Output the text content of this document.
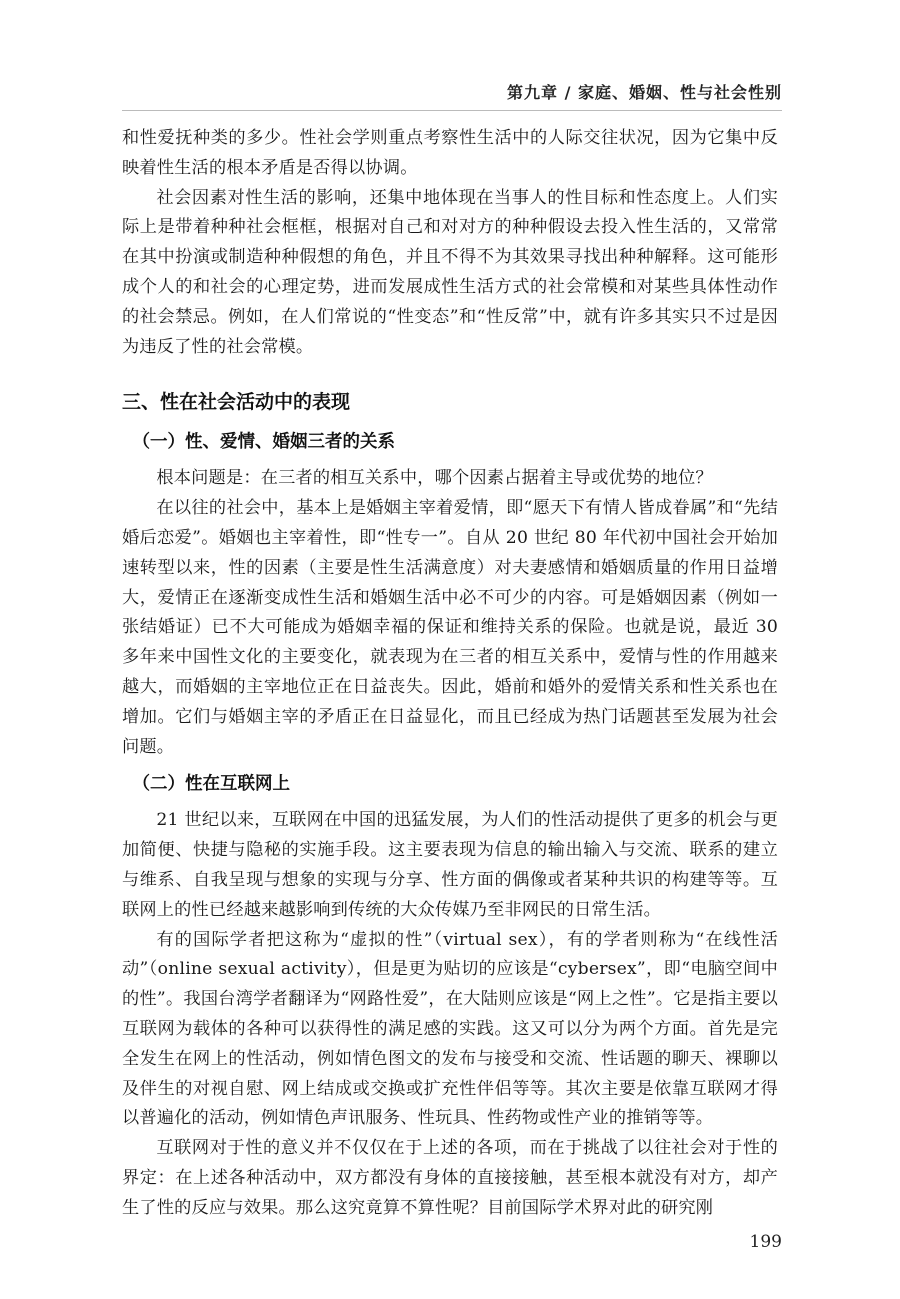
第九章 / 家庭、婚姻、性与社会性别

和性爱抚种类的多少。性社会学则重点考察性生活中的人际交往状况，因为它集中反映着性生活的根本矛盾是否得以协调。

社会因素对性生活的影响，还集中地体现在当事人的性目标和性态度上。人们实际上是带着种种社会框框，根据对自己和对对方的种种假设去投入性生活的，又常常在其中扮演或制造种种假想的角色，并且不得不为其效果寻找出种种解释。这可能形成个人的和社会的心理定势，进而发展成性生活方式的社会常模和对某些具体性动作的社会禁忌。例如，在人们常说的“性变态”和“性反常”中，就有许多其实只不过是因为违反了性的社会常模。

三、性在社会活动中的表现
（一）性、爱情、婚姻三者的关系

根本问题是：在三者的相互关系中，哪个因素占据着主导或优势的地位？

在以往的社会中，基本上是婚姻主宰着爱情，即“愿天下有情人皆成眷属”和“先结婚后恋爱”。婚姻也主宰着性，即“性专一”。自从 20 世纪 80 年代初中国社会开始加速转型以来，性的因素（主要是性生活满意度）对夫妻感情和婚姻质量的作用日益增大，爱情正在逐渐变成性生活和婚姻生活中必不可少的内容。可是婚姻因素（例如一张结婚证）已不大可能成为婚姻幸福的保证和维持关系的保险。也就是说，最近 30 多年来中国性文化的主要变化，就表现为在三者的相互关系中，爱情与性的作用越来越大，而婚姻的主宰地位正在日益丧失。因此，婚前和婚外的爱情关系和性关系也在增加。它们与婚姻主宰的矛盾正在日益显化，而且已经成为热门话题甚至发展为社会问题。

（二）性在互联网上

21 世纪以来，互联网在中国的迅猛发展，为人们的性活动提供了更多的机会与更加简便、快捷与隐秘的实施手段。这主要表现为信息的输出输入与交流、联系的建立与维系、自我呈现与想象的实现与分享、性方面的偶像或者某种共识的构建等等。互联网上的性已经越来越影响到传统的大众传媒乃至非网民的日常生活。

有的国际学者把这称为“虚拟的性”（virtual sex），有的学者则称为“在线性活动”（online sexual activity），但是更为贴切的应该是“cybersex”，即“电脑空间中的性”。我国台湾学者翻译为“网路性爱”，在大陆则应该是“网上之性”。它是指主要以互联网为载体的各种可以获得性的满足感的实践。这又可以分为两个方面。首先是完全发生在网上的性活动，例如情色图文的发布与接受和交流、性话题的聊天、裸聊以及伴生的对视自慰、网上结成或交换或扩充性伴侣等等。其次主要是依靠互联网才得以普遍化的活动，例如情色声讯服务、性玩具、性药物或性产业的推销等等。

互联网对于性的意义并不仅仅在于上述的各项，而在于挑战了以往社会对于性的界定：在上述各种活动中，双方都没有身体的直接接触，甚至根本就没有对方，却产生了性的反应与效果。那么这究竟算不算性呢？目前国际学术界对此的研究刚

199
